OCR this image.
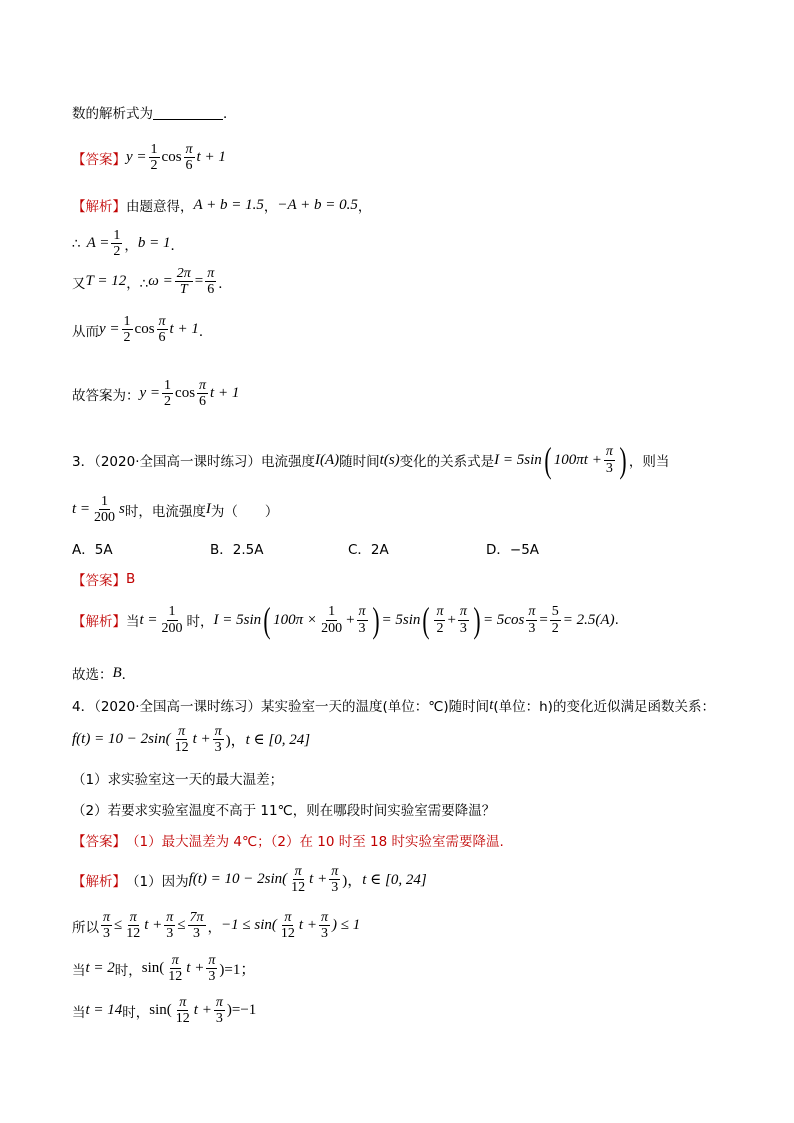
数的解析式为	．
【答案】 $y = \frac{1}{2}$ cos π
6
t + 1
【解析】 由题意得， A + b = 1.5 ， −A + b = 0.5 ，
∴ $A = \frac{1}{2}$ ， b = 1 ．
又 T = 12 ，∴ $\omega = \frac{2\pi}{T} = \frac{\pi}{6}$ ．
从而 $y = \frac{1}{2}$ cos π
6
t + 1 ．
故答案为： $y = \frac{1}{2}$ cos π
6
t + 1
3．（2020·全国高一课时练习）电流强度 I(A) 随时间 t(s) 变化的关系式是 I = 5sin ( $100\pi t + \frac{\pi}{3}$ ) ，则当
$t = \frac{1}{200}$ s 时，电流强度 I 为（　　）
A．5A	B．2.5A	C．2A	D．−5A
【答案】 B
【解析】 当 $t = \frac{1}{200}$ 时， I = 5sin ( $100\pi \times \frac{1}{200} + \frac{\pi}{3}$ ) = 5sin ( π
2
+ $\frac{\pi}{3}$ ) = $5\cos \frac{\pi}{3} = \frac{5}{2} = 2.5(A)$ .
故选： B ．
4．（2020·全国高一课时练习）某实验室一天的温度(单位：℃)随时间 t (单位：h)的变化近似满足函数关系：
f(t) = 10 − 2sin( π
12
$t + \frac{\pi}{3}$ )， t ∈ [0, 24]
（1）求实验室这一天的最大温差；
（2）若要求实验室温度不高于 11℃，则在哪段时间实验室需要降温？
【答案】 （1）最大温差为 4℃；（2）在 10 时至 18 时实验室需要降温.
【解析】 （1）因为 f(t) = 10 − 2sin( π
12
$t + \frac{\pi}{3}$ )， t ∈ [0, 24]
所以 $\frac{\pi}{3} \le \frac{\pi}{12}$ $t + \frac{\pi}{3} \le \frac{7\pi}{3}$ ， −1 ≤ sin( π
12
$t + \frac{\pi}{3}$ ) ≤ 1
当 t = 2 时， sin( π
12
$t + \frac{\pi}{3} )=1$；
当 t = 14 时， sin( π
12
$t + \frac{\pi}{3} )=-1$
